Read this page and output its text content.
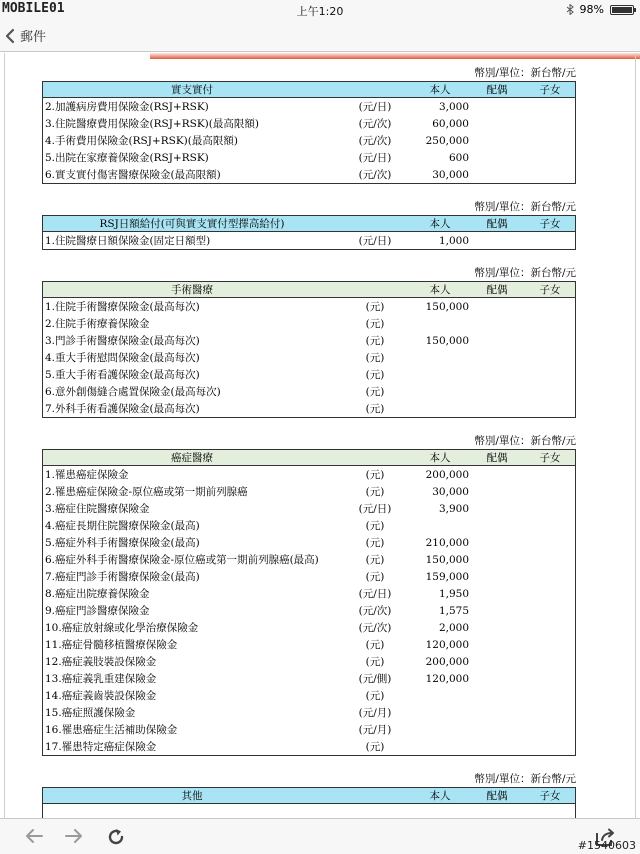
MOBILE01	上午1:20	98%
郵件
幣別/單位：新台幣/元
實支實付	本人	配偶	子女
2.加護病房費用保險金(RSJ+RSK)	(元/日)	3,000
3.住院醫療費用保險金(RSJ+RSK)(最高限額)	(元/次)	60,000
4.手術費用保險金(RSJ+RSK)(最高限額)	(元/次)	250,000
5.出院在家療養保險金(RSJ+RSK)	(元/日)	600
6.實支實付傷害醫療保險金(最高限額)	(元/次)	30,000
幣別/單位：新台幣/元
RSJ日額給付(可與實支實付型擇高給付)	本人	配偶	子女
1.住院醫療日額保險金(固定日額型)	(元/日)	1,000
幣別/單位：新台幣/元
手術醫療	本人	配偶	子女
1.住院手術醫療保險金(最高每次)	(元)	150,000
2.住院手術療養保險金	(元)
3.門診手術醫療保險金(最高每次)	(元)	150,000
4.重大手術慰問保險金(最高每次)	(元)
5.重大手術看護保險金(最高每次)	(元)
6.意外創傷縫合處置保險金(最高每次)	(元)
7.外科手術看護保險金(最高每次)	(元)
幣別/單位：新台幣/元
癌症醫療	本人	配偶	子女
1.罹患癌症保險金	(元)	200,000
2.罹患癌症保險金-原位癌或第一期前列腺癌	(元)	30,000
3.癌症住院醫療保險金	(元/日)	3,900
4.癌症長期住院醫療保險金(最高)	(元)
5.癌症外科手術醫療保險金(最高)	(元)	210,000
6.癌症外科手術醫療保險金-原位癌或第一期前列腺癌(最高)	(元)	150,000
7.癌症門診手術醫療保險金(最高)	(元)	159,000
8.癌症出院療養保險金	(元/日)	1,950
9.癌症門診醫療保險金	(元/次)	1,575
10.癌症放射線或化學治療保險金	(元/次)	2,000
11.癌症骨髓移植醫療保險金	(元)	120,000
12.癌症義肢裝設保險金	(元)	200,000
13.癌症義乳重建保險金	(元/側)	120,000
14.癌症義齒裝設保險金	(元)
15.癌症照護保險金	(元/月)
16.罹患癌症生活補助保險金	(元/月)
17.罹患特定癌症保險金	(元)
幣別/單位：新台幣/元
其他	本人	配偶	子女
#1540603
